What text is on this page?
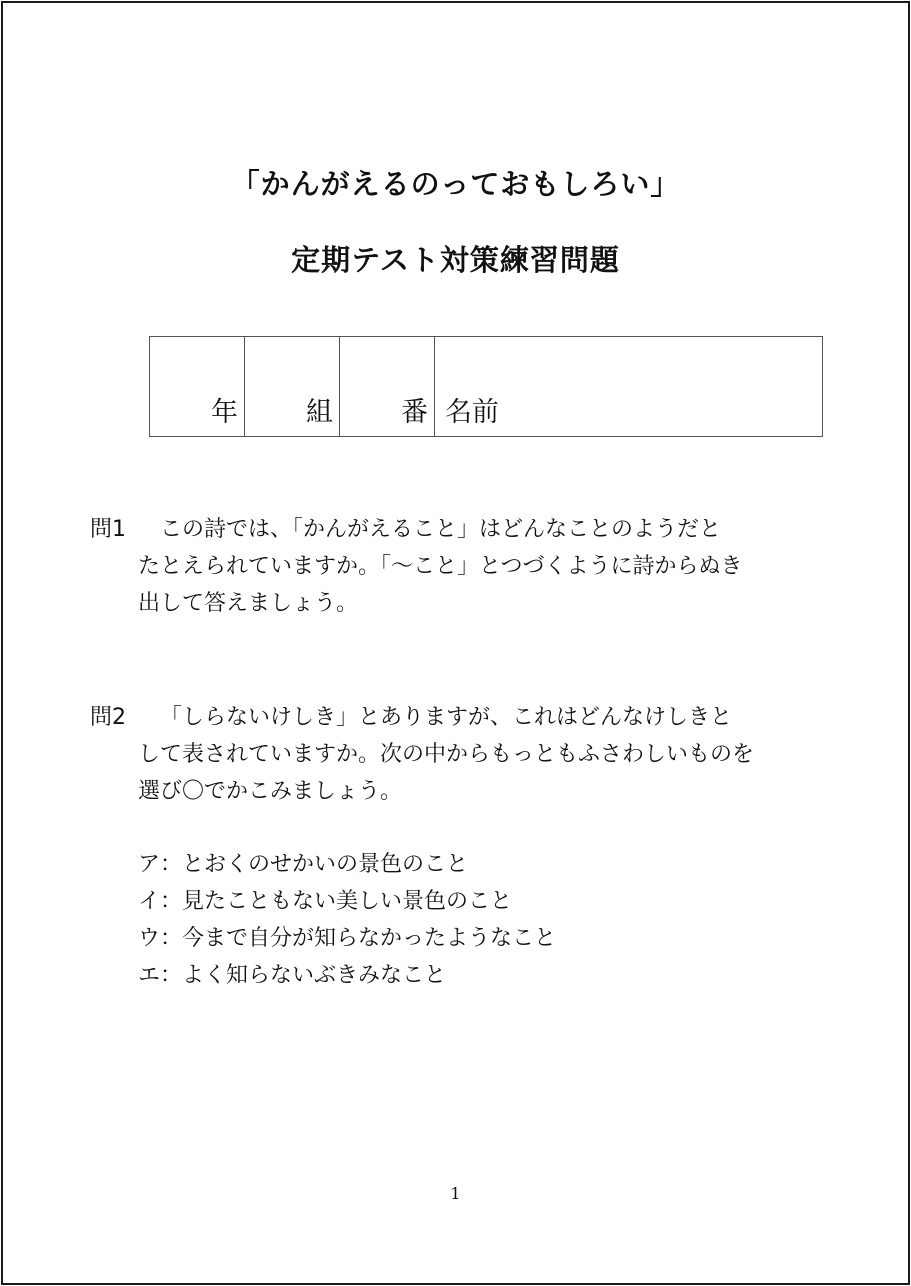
「かんがえるのっておもしろい」
定期テスト対策練習問題
年	組	番	名前
問1 この詩では、「かんがえること」はどんなことのようだと
たとえられていますか。「～こと」とつづくように詩からぬき
出して答えましょう。
問2 「しらないけしき」とありますが、これはどんなけしきと
して表されていますか。次の中からもっともふさわしいものを
選び〇でかこみましょう。
ア：とおくのせかいの景色のこと
イ：見たこともない美しい景色のこと
ウ：今まで自分が知らなかったようなこと
エ：よく知らないぶきみなこと
1
